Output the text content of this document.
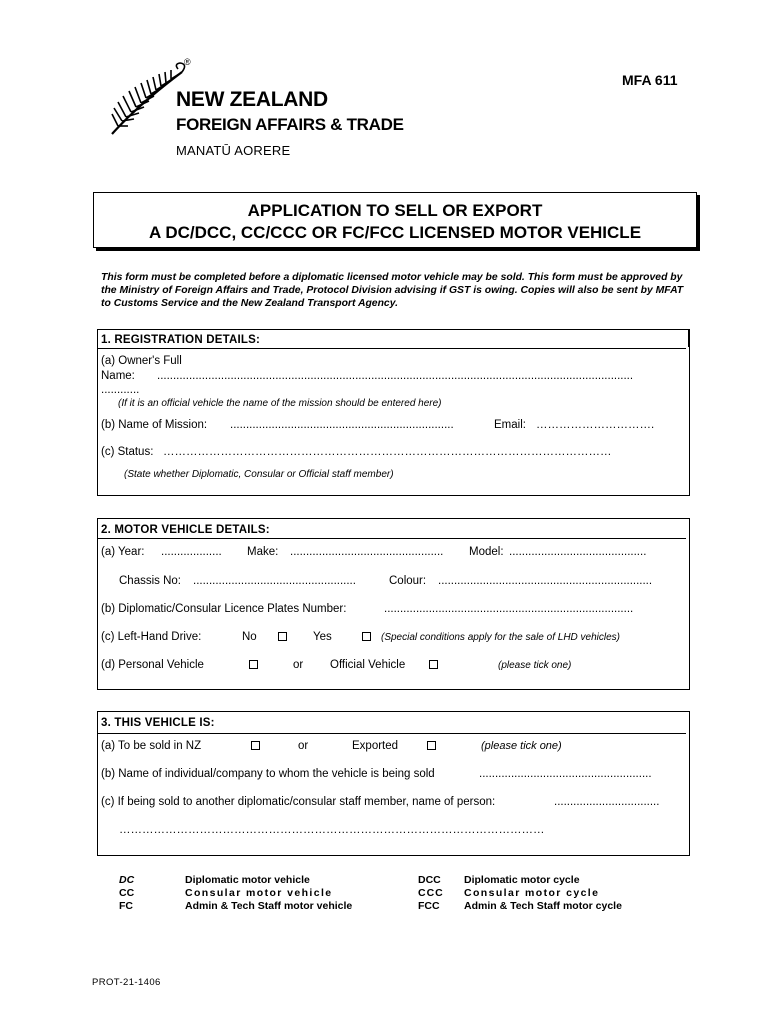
®
NEW ZEALAND
FOREIGN AFFAIRS & TRADE
MANATŪ AORERE
MFA 611
APPLICATION TO SELL OR EXPORT
A DC/DCC, CC/CCC OR FC/FCC LICENSED MOTOR VEHICLE
This form must be completed before a diplomatic licensed motor vehicle may be sold. This form must be approved by the Ministry of Foreign Affairs and Trade, Protocol Division advising if GST is owing. Copies will also be sent by MFAT to Customs Service and the New Zealand Transport Agency.
1. REGISTRATION DETAILS:
(a) Owner's Full
Name: .....................................................................................................................................................
............
(If it is an official vehicle the name of the mission should be entered here)
(b) Name of Mission: ......................................................................	Email: ………………………….
(c) Status: ………………………………………………………………………………………………………
(State whether Diplomatic, Consular or Official staff member)
2. MOTOR VEHICLE DETAILS:
(a) Year: ................... Make: ................................................ Model: ...........................................
Chassis No: ...................................................	Colour: ...................................................................
(b) Diplomatic/Consular Licence Plates Number:	..............................................................................
(c) Left-Hand Drive:	No	Yes	(Special conditions apply for the sale of LHD vehicles)
(d) Personal Vehicle	or Official Vehicle	(please tick one)
3. THIS VEHICLE IS:
(a) To be sold in NZ	or	Exported	(please tick one)
(b) Name of individual/company to whom the vehicle is being sold	......................................................
(c) If being sold to another diplomatic/consular staff member, name of person:	.................................
…………………………………………………………………………………………………
DC	Diplomatic motor vehicle	DCC Diplomatic motor cycle
CC	Consular motor vehicle	CCC Consular motor cycle
FC	Admin & Tech Staff motor vehicle	FCC Admin & Tech Staff motor cycle
PROT-21-1406
